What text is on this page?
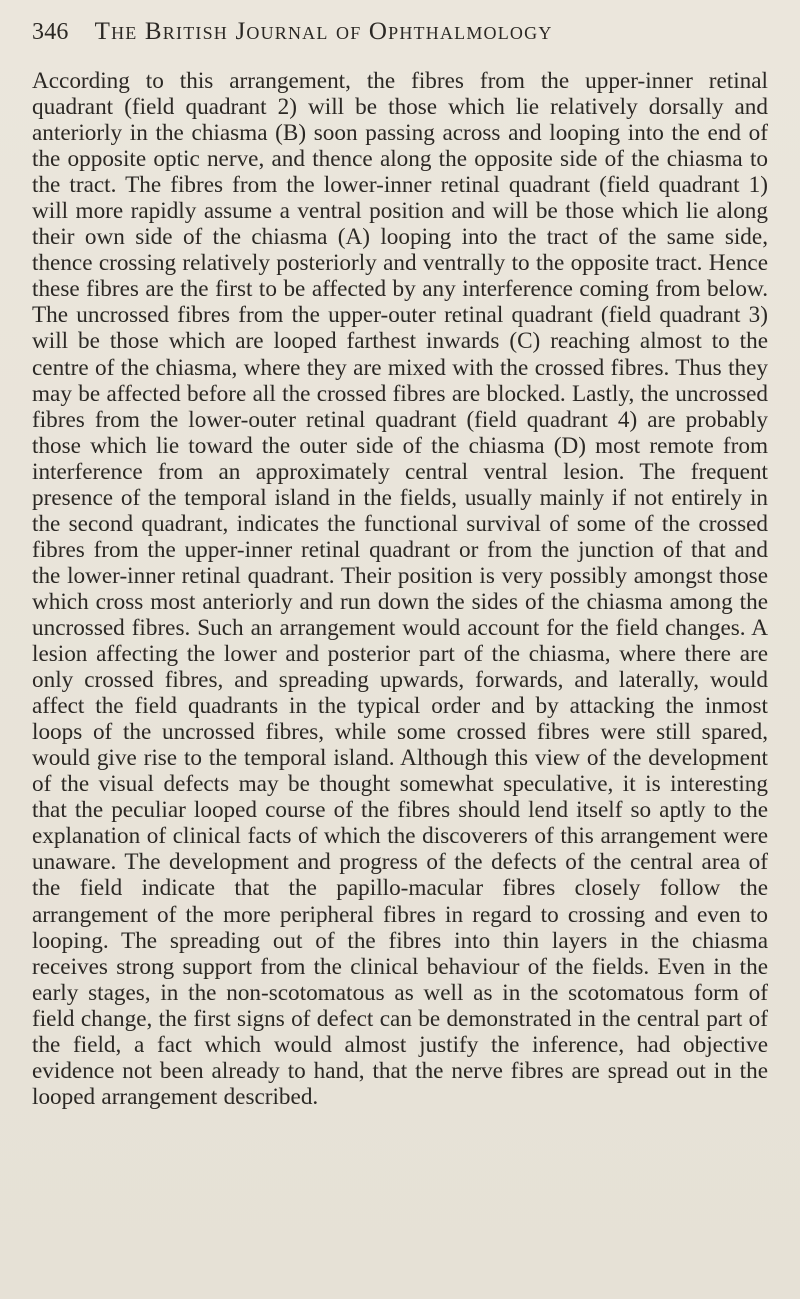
346 The British Journal of Ophthalmology

According to this arrangement, the fibres from the upper-inner retinal quadrant (field quadrant 2) will be those which lie relatively dorsally and anteriorly in the chiasma (B) soon passing across and looping into the end of the opposite optic nerve, and thence along the opposite side of the chiasma to the tract. The fibres from the lower-inner retinal quadrant (field quadrant 1) will more rapidly assume a ventral position and will be those which lie along their own side of the chiasma (A) looping into the tract of the same side, thence crossing relatively posteriorly and ventrally to the opposite tract. Hence these fibres are the first to be affected by any interference coming from below. The uncrossed fibres from the upper-outer retinal quadrant (field quadrant 3) will be those which are looped farthest inwards (C) reaching almost to the centre of the chiasma, where they are mixed with the crossed fibres. Thus they may be affected before all the crossed fibres are blocked. Lastly, the uncrossed fibres from the lower-outer retinal quadrant (field quadrant 4) are probably those which lie toward the outer side of the chiasma (D) most remote from interference from an approximately central ventral lesion. The frequent presence of the temporal island in the fields, usually mainly if not entirely in the second quadrant, indicates the functional survival of some of the crossed fibres from the upper-inner retinal quadrant or from the junction of that and the lower-inner retinal quadrant. Their position is very possibly amongst those which cross most anteriorly and run down the sides of the chiasma among the uncrossed fibres. Such an arrangement would account for the field changes. A lesion affecting the lower and posterior part of the chiasma, where there are only crossed fibres, and spreading upwards, forwards, and laterally, would affect the field quadrants in the typical order and by attacking the inmost loops of the uncrossed fibres, while some crossed fibres were still spared, would give rise to the temporal island. Although this view of the development of the visual defects may be thought somewhat speculative, it is interesting that the peculiar looped course of the fibres should lend itself so aptly to the explanation of clinical facts of which the discoverers of this arrangement were unaware. The development and progress of the defects of the central area of the field indicate that the papillo-macular fibres closely follow the arrangement of the more peripheral fibres in regard to crossing and even to looping. The spreading out of the fibres into thin layers in the chiasma receives strong support from the clinical behaviour of the fields. Even in the early stages, in the non-scotomatous as well as in the scotomatous form of field change, the first signs of defect can be demonstrated in the central part of the field, a fact which would almost justify the inference, had objective evidence not been already to hand, that the nerve fibres are spread out in the looped arrangement described.
